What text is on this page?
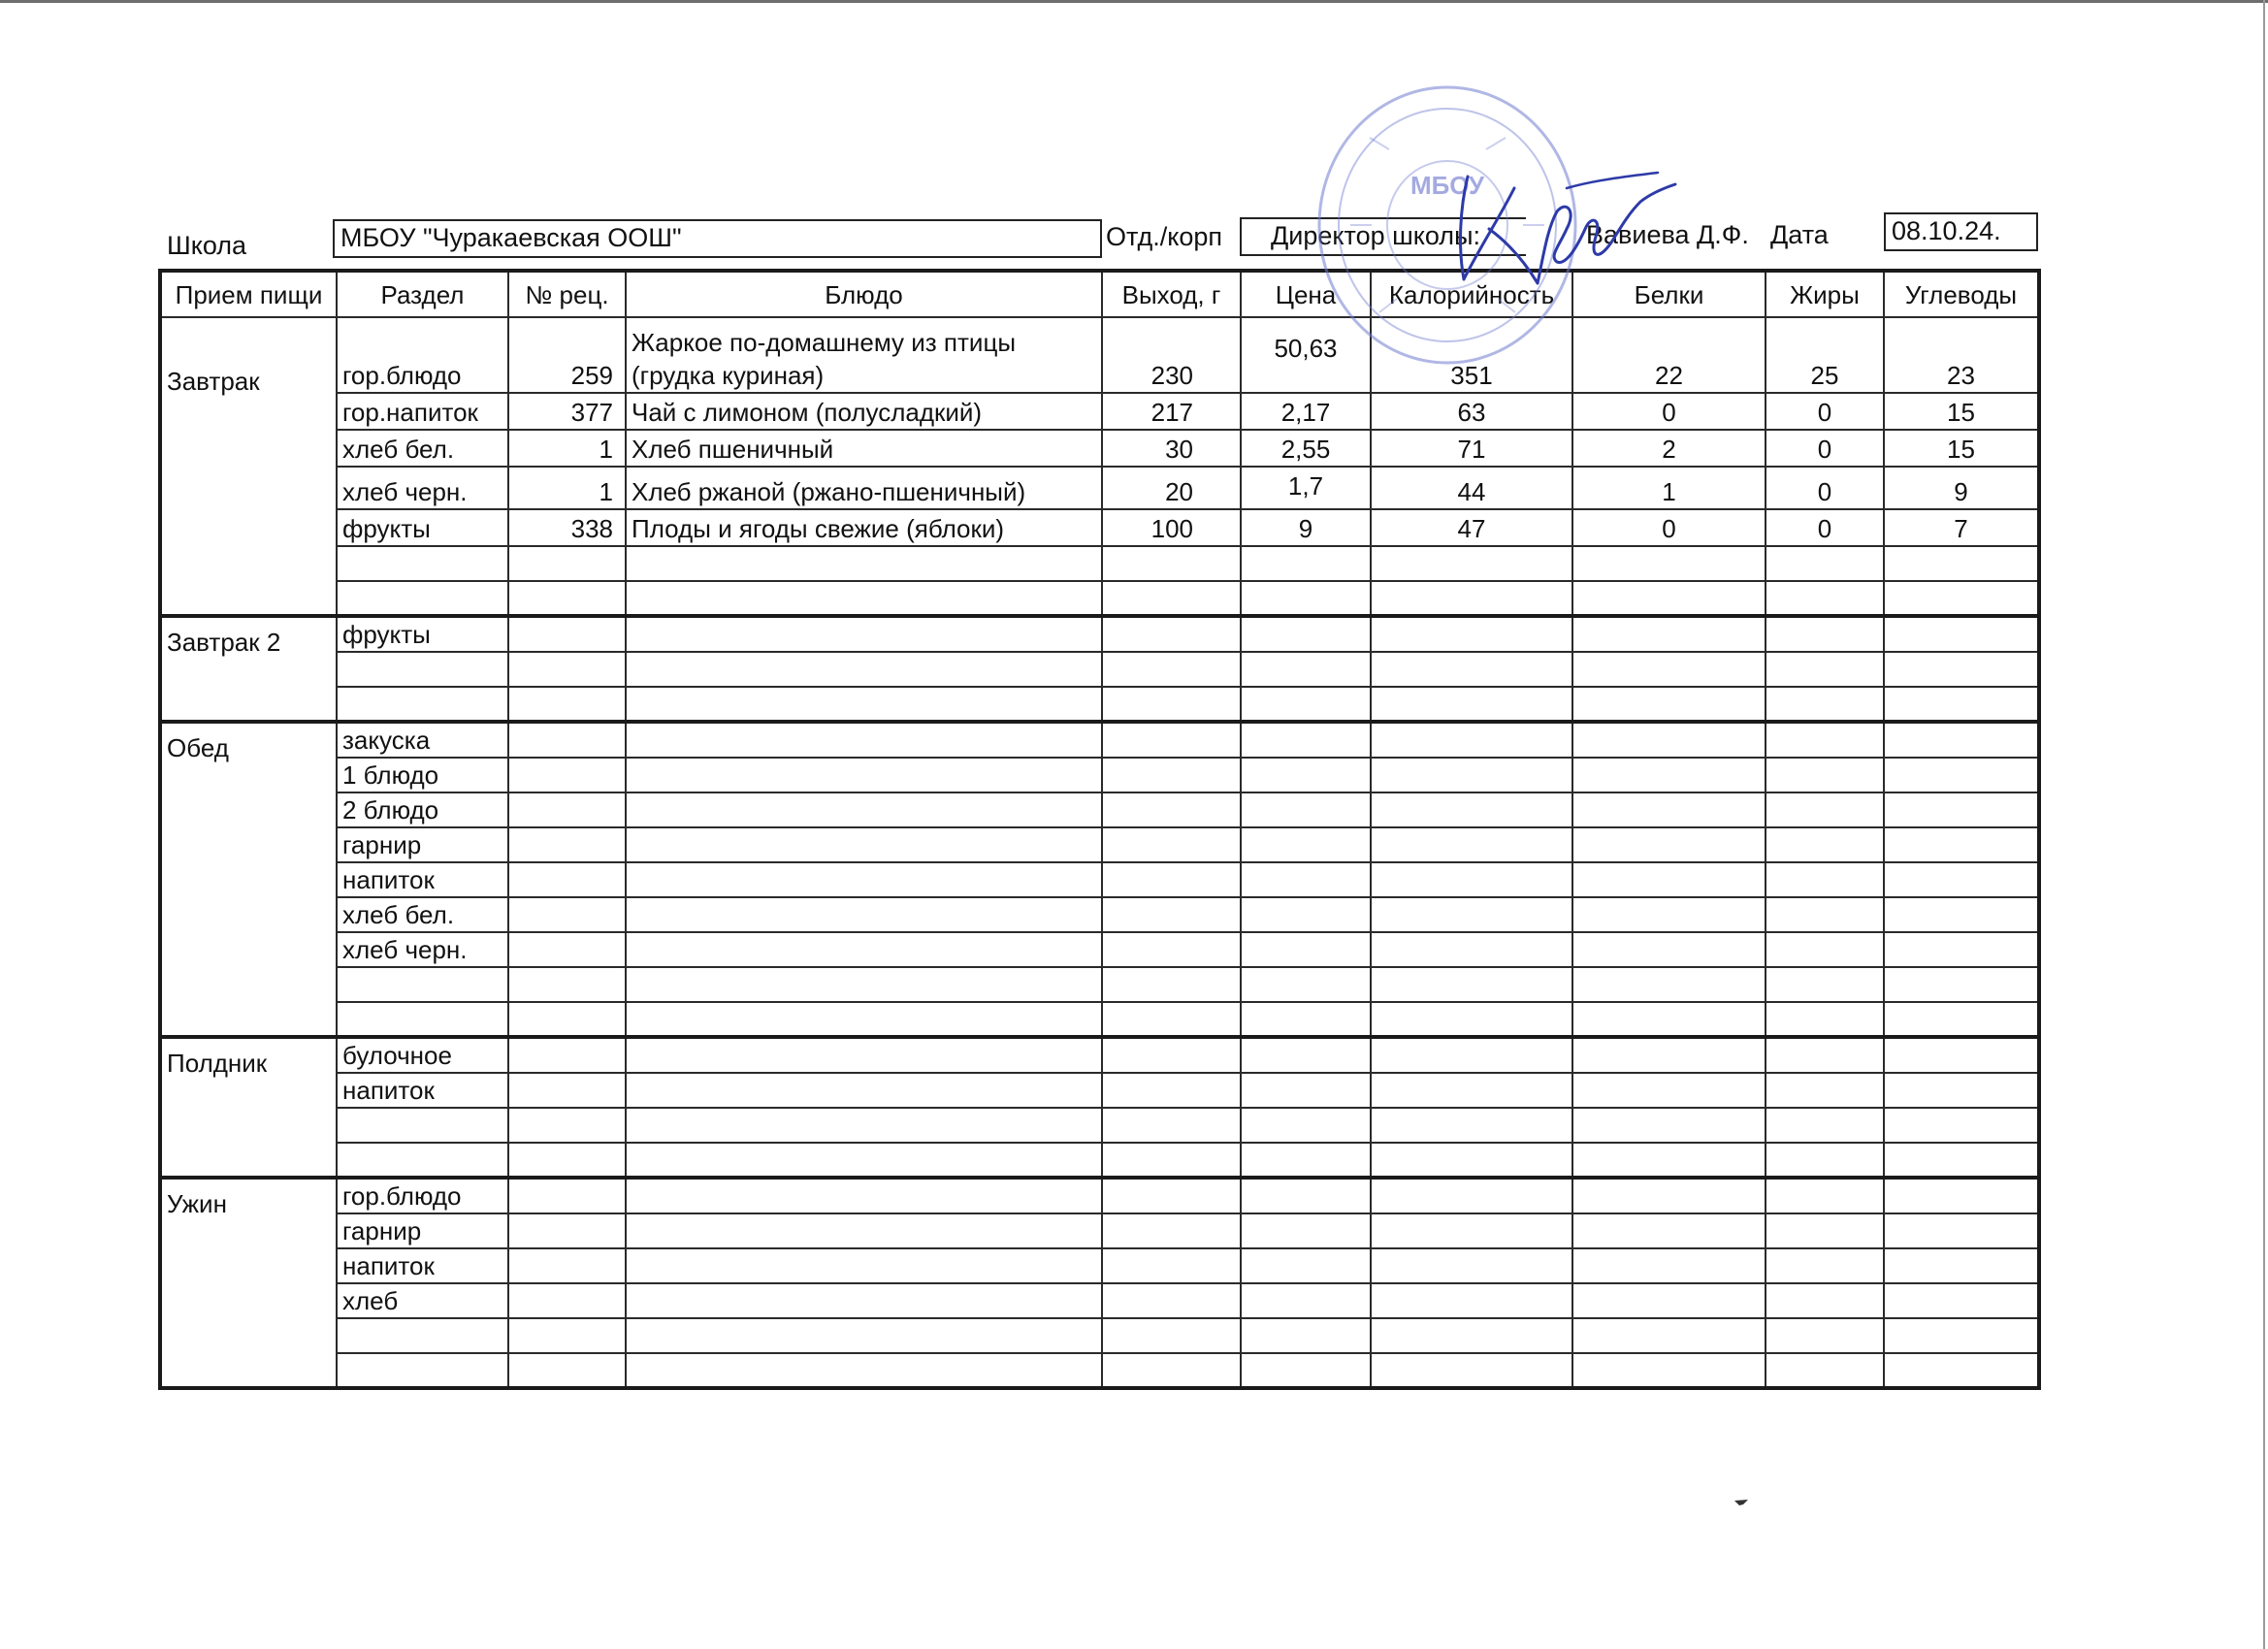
Школа	МБОУ "Чуракаевская ООШ"	Отд./корп	Директор школы:	Вавиева Д.Ф. Дата 08.10.24.
Прием пищи	Раздел	№ рец.	Блюдо	Выход, г	Цена	Калорийность	Белки	Жиры	Углеводы
Завтрак	гор.блюдо	259	Жаркое по-домашнему из птицы (грудка куриная)	230	50,63	351	22	25	23
	гор.напиток	377	Чай с лимоном (полусладкий)	217	2,17	63	0	0	15
	хлеб бел.	1	Хлеб пшеничный	30	2,55	71	2	0	15
	хлеб черн.	1	Хлеб ржаной (ржано-пшеничный)	20	1,7	44	1	0	9
	фрукты	338	Плоды и ягоды свежие (яблоки)	100	9	47	0	0	7

Завтрак 2	фрукты								

Обед	закуска								
	1 блюдо								
	2 блюдо								
	гарнир								
	напиток								
	хлеб бел.								
	хлеб черн.								

Полдник	булочное								
	напиток								

Ужин	гор.блюдо								
	гарнир								
	напиток								
	хлеб								

МБОУ
